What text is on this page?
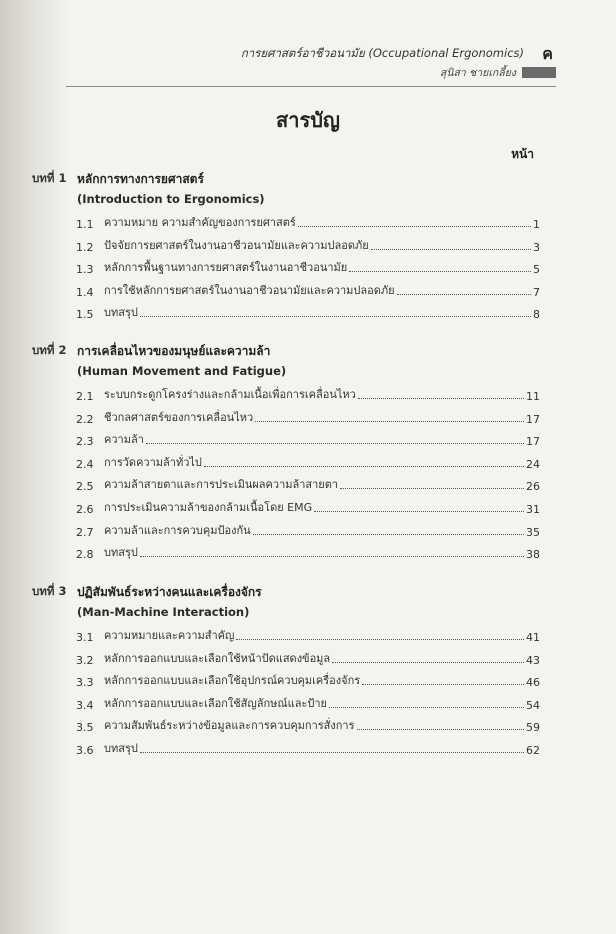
การยศาสตร์อาชีวอนามัย (Occupational Ergonomics) ค
สุนิสา ชายเกลี้ยง
สารบัญ
หน้า
บทที่ 1 หลักการทางการยศาสตร์
(Introduction to Ergonomics)
1.1 ความหมาย ความสำคัญของการยศาสตร์	1
1.2 ปัจจัยการยศาสตร์ในงานอาชีวอนามัยและความปลอดภัย	3
1.3 หลักการพื้นฐานทางการยศาสตร์ในงานอาชีวอนามัย	5
1.4 การใช้หลักการยศาสตร์ในงานอาชีวอนามัยและความปลอดภัย	7
1.5 บทสรุป	8
บทที่ 2 การเคลื่อนไหวของมนุษย์และความล้า
(Human Movement and Fatigue)
2.1 ระบบกระดูกโครงร่างและกล้ามเนื้อเพื่อการเคลื่อนไหว	11
2.2 ชีวกลศาสตร์ของการเคลื่อนไหว	17
2.3 ความล้า	17
2.4 การวัดความล้าทั่วไป	24
2.5 ความล้าสายตาและการประเมินผลความล้าสายตา	26
2.6 การประเมินความล้าของกล้ามเนื้อโดย EMG	31
2.7 ความล้าและการควบคุมป้องกัน	35
2.8 บทสรุป	38
บทที่ 3 ปฏิสัมพันธ์ระหว่างคนและเครื่องจักร
(Man-Machine Interaction)
3.1 ความหมายและความสำคัญ	41
3.2 หลักการออกแบบและเลือกใช้หน้าปัดแสดงข้อมูล	43
3.3 หลักการออกแบบและเลือกใช้อุปกรณ์ควบคุมเครื่องจักร	46
3.4 หลักการออกแบบและเลือกใช้สัญลักษณ์และป้าย	54
3.5 ความสัมพันธ์ระหว่างข้อมูลและการควบคุมการสั่งการ	59
3.6 บทสรุป	62
